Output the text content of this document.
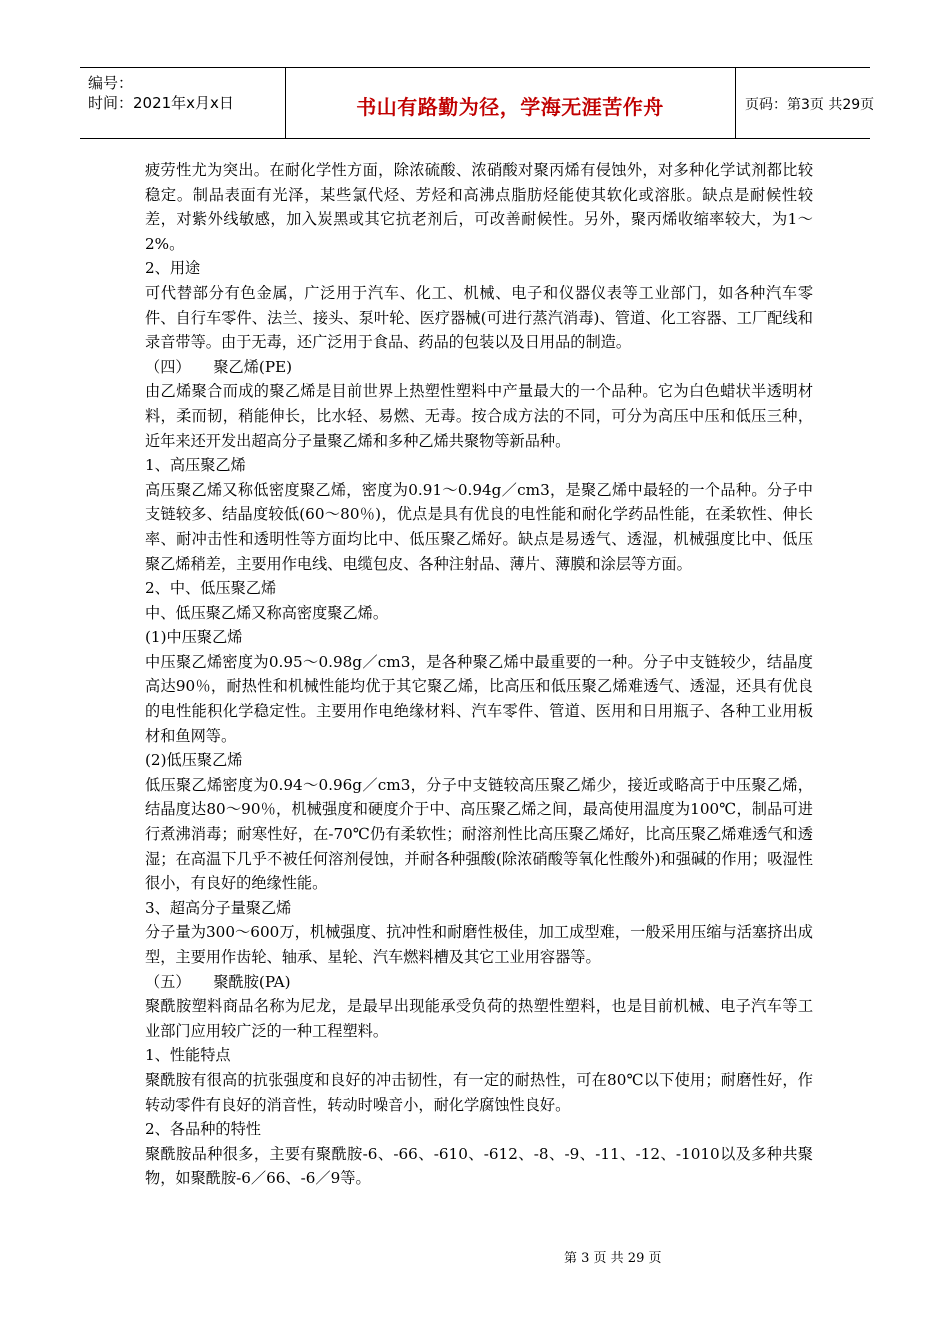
编号：
时间：2021年x月x日	书山有路勤为径，学海无涯苦作舟	页码：第3页 共29页

疲劳性尤为突出。在耐化学性方面，除浓硫酸、浓硝酸对聚丙烯有侵蚀外，对多种化学试剂都比较稳定。制品表面有光泽，某些氯代烃、芳烃和高沸点脂肪烃能使其软化或溶胀。缺点是耐候性较差，对紫外线敏感，加入炭黑或其它抗老剂后，可改善耐候性。另外，聚丙烯收缩率较大，为1～2%。

2、用途

可代替部分有色金属，广泛用于汽车、化工、机械、电子和仪器仪表等工业部门，如各种汽车零件、自行车零件、法兰、接头、泵叶轮、医疗器械(可进行蒸汽消毒)、管道、化工容器、工厂配线和录音带等。由于无毒，还广泛用于食品、药品的包装以及日用品的制造。

（四）　　聚乙烯(PE)

由乙烯聚合而成的聚乙烯是目前世界上热塑性塑料中产量最大的一个品种。它为白色蜡状半透明材料，柔而韧，稍能伸长，比水轻、易燃、无毒。按合成方法的不同，可分为高压中压和低压三种，近年来还开发出超高分子量聚乙烯和多种乙烯共聚物等新品种。

1、高压聚乙烯

高压聚乙烯又称低密度聚乙烯，密度为0.91～0.94g／cm3，是聚乙烯中最轻的一个品种。分子中支链较多、结晶度较低(60～80％)，优点是具有优良的电性能和耐化学药品性能，在柔软性、伸长率、耐冲击性和透明性等方面均比中、低压聚乙烯好。缺点是易透气、透湿，机械强度比中、低压聚乙烯稍差，主要用作电线、电缆包皮、各种注射品、薄片、薄膜和涂层等方面。

2、中、低压聚乙烯

中、低压聚乙烯又称高密度聚乙烯。

(1)中压聚乙烯

中压聚乙烯密度为0.95～0.98g／cm3，是各种聚乙烯中最重要的一种。分子中支链较少，结晶度高达90％，耐热性和机械性能均优于其它聚乙烯，比高压和低压聚乙烯难透气、透湿，还具有优良的电性能积化学稳定性。主要用作电绝缘材料、汽车零件、管道、医用和日用瓶子、各种工业用板材和鱼网等。

(2)低压聚乙烯

低压聚乙烯密度为0.94～0.96g／cm3，分子中支链较高压聚乙烯少，接近或略高于中压聚乙烯，结晶度达80～90％，机械强度和硬度介于中、高压聚乙烯之间，最高使用温度为100℃，制品可进行煮沸消毒；耐寒性好，在-70℃仍有柔软性；耐溶剂性比高压聚乙烯好，比高压聚乙烯难透气和透湿；在高温下几乎不被任何溶剂侵蚀，并耐各种强酸(除浓硝酸等氧化性酸外)和强碱的作用；吸湿性很小，有良好的绝缘性能。

3、超高分子量聚乙烯

分子量为300～600万，机械强度、抗冲性和耐磨性极佳，加工成型难，一般采用压缩与活塞挤出成型，主要用作齿轮、轴承、星轮、汽车燃料槽及其它工业用容器等。

（五）　　聚酰胺(PA)

聚酰胺塑料商品名称为尼龙，是最早出现能承受负荷的热塑性塑料，也是目前机械、电子汽车等工业部门应用较广泛的一种工程塑料。

1、性能特点

聚酰胺有很高的抗张强度和良好的冲击韧性，有一定的耐热性，可在80℃以下使用；耐磨性好，作转动零件有良好的消音性，转动时噪音小，耐化学腐蚀性良好。

2、各品种的特性

聚酰胺品种很多，主要有聚酰胺-6、-66、-610、-612、-8、-9、-11、-12、-1010以及多种共聚物，如聚酰胺-6／66、-6／9等。

第 3 页 共 29 页
